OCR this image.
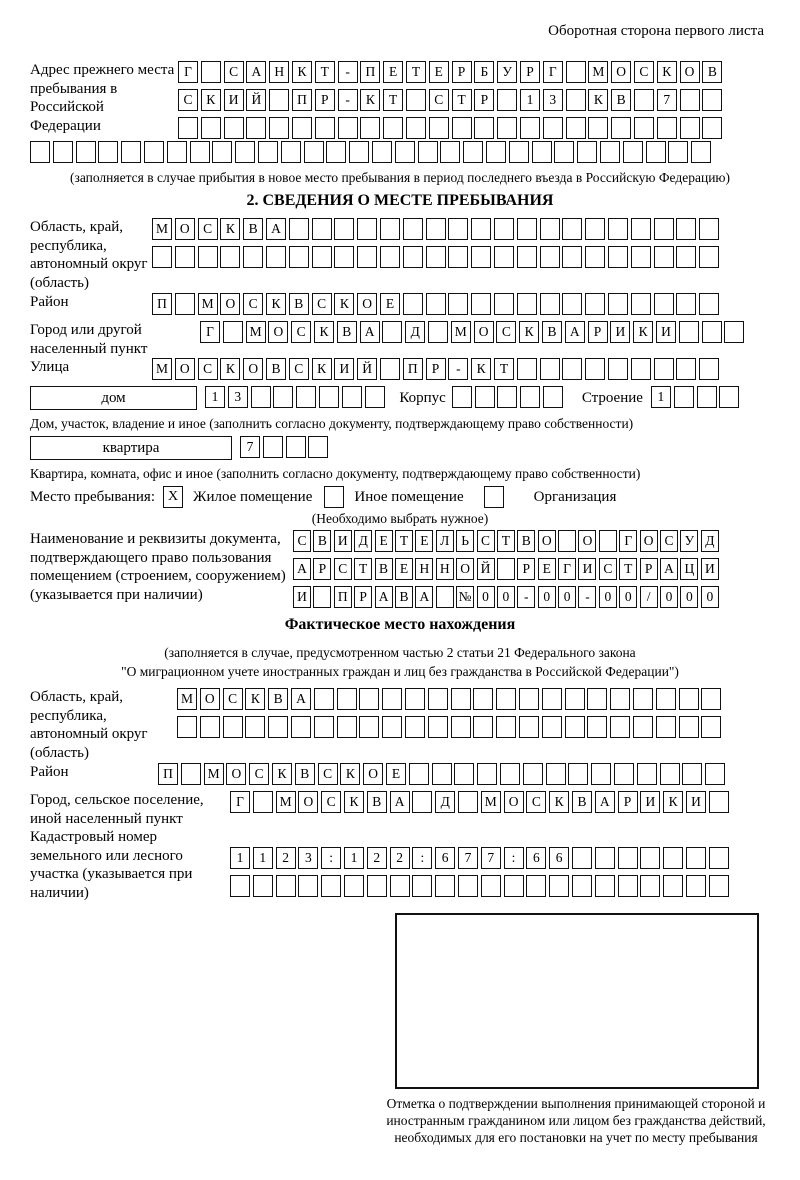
Оборотная сторона первого листа
Адрес прежнего места пребывания в Российской Федерации
Г	С А Н К Т - П Е Т Е Р Б У Р Г	М О С К О В
С К И Й	П Р - К Т	С Т Р	1 3	К В	7
(заполняется в случае прибытия в новое место пребывания в период последнего въезда в Российскую Федерацию)
2. СВЕДЕНИЯ О МЕСТЕ ПРЕБЫВАНИЯ
Область, край, республика, автономный округ (область)
М О С К В А
Район	П	М О С К В С К О Е
Город или другой населенный пункт
Г	М О С К В А	Д	М О С К В А Р И К И
Улица	М О С К О В С К И Й	П Р - К Т
дом	1 3	Корпус	Строение 1
Дом, участок, владение и иное (заполнить согласно документу, подтверждающему право собственности)
квартира	7
Квартира, комната, офис и иное (заполнить согласно документу, подтверждающему право собственности)
Место пребывания: X Жилое помещение	Иное помещение	Организация
(Необходимо выбрать нужное)
Наименование и реквизиты документа, подтверждающего право пользования помещением (строением, сооружением) (указывается при наличии)
С В И Д Е Т Е Л Ь С Т В О О Г О С У Д
А Р С Т В Е Н Н О Й Р Е Г И С Т Р А Ц И
И П Р А В А № 0 0 - 0 0 - 0 0 / 0 0 0
Фактическое место нахождения
(заполняется в случае, предусмотренном частью 2 статьи 21 Федерального закона
"О миграционном учете иностранных граждан и лиц без гражданства в Российской Федерации")
Область, край, республика, автономный округ (область)
М О С К В А
Район	П	М О С К В С К О Е
Город, сельское поселение, иной населенный пункт
Г	М О С К В А	Д	М О С К В А Р И К И
Кадастровый номер земельного или лесного участка (указывается при наличии)
1 1 2 3 : 1 2 2 : 6 7 7 : 6 6
Отметка о подтверждении выполнения принимающей стороной и иностранным гражданином или лицом без гражданства действий, необходимых для его постановки на учет по месту пребывания
